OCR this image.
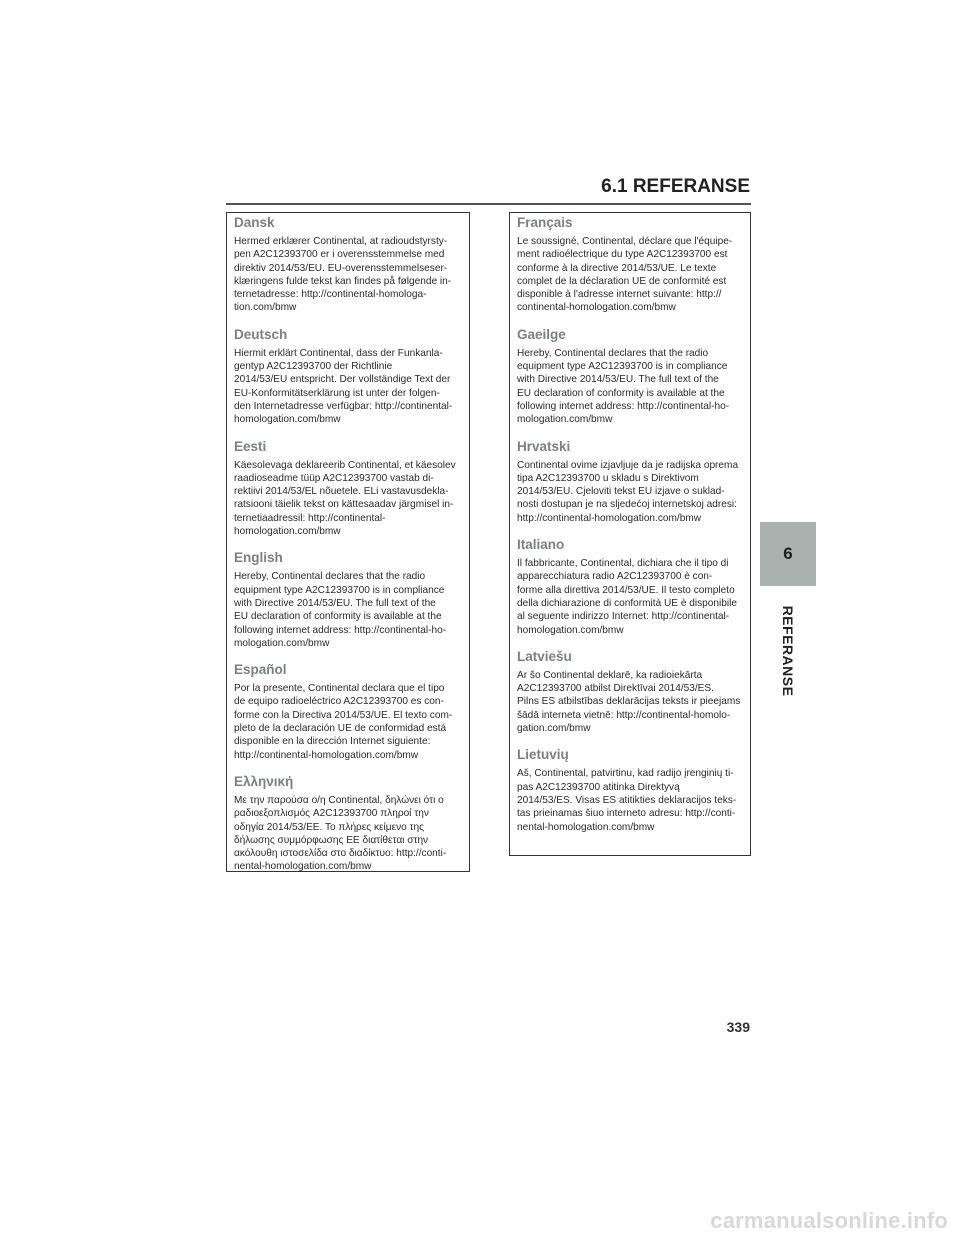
6.1 REFERANSE
Dansk
Hermed erklærer Continental, at radioudstyrsty-
pen A2C12393700 er i overensstemmelse med
direktiv 2014/53/EU. EU-overensstemmelseser-
klæringens fulde tekst kan findes på følgende in-
ternetadresse: http://continental-homologa-
tion.com/bmw
Deutsch
Hiermit erklärt Continental, dass der Funkanla-
gentyp A2C12393700 der Richtlinie
2014/53/EU entspricht. Der vollständige Text der
EU-Konformitätserklärung ist unter der folgen-
den Internetadresse verfügbar: http://continental-
homologation.com/bmw
Eesti
Käesolevaga deklareerib Continental, et käesolev
raadioseadme tüüp A2C12393700 vastab di-
rektiivi 2014/53/EL nõuetele. ELi vastavusdekla-
ratsiooni täielik tekst on kättesaadav järgmisel in-
ternetiaadressil: http://continental-
homologation.com/bmw
English
Hereby, Continental declares that the radio
equipment type A2C12393700 is in compliance
with Directive 2014/53/EU. The full text of the
EU declaration of conformity is available at the
following internet address: http://continental-ho-
mologation.com/bmw
Español
Por la presente, Continental declara que el tipo
de equipo radioeléctrico A2C12393700 es con-
forme con la Directiva 2014/53/UE. El texto com-
pleto de la declaración UE de conformidad está
disponible en la dirección Internet siguiente:
http://continental-homologation.com/bmw
Ελληνική
Με την παρούσα ο/η Continental, δηλώνει ότι ο
ραδιοεξοπλισμός A2C12393700 πληροί την
οδηγία 2014/53/ΕΕ. Το πλήρες κείμενο της
δήλωσης συμμόρφωσης ΕΕ διατίθεται στην
ακόλουθη ιστοσελίδα στο διαδίκτυο: http://conti-
nental-homologation.com/bmw
Français
Le soussigné, Continental, déclare que l'équipe-
ment radioélectrique du type A2C12393700 est
conforme à la directive 2014/53/UE. Le texte
complet de la déclaration UE de conformité est
disponible à l'adresse internet suivante: http://
continental-homologation.com/bmw
Gaeilge
Hereby, Continental declares that the radio
equipment type A2C12393700 is in compliance
with Directive 2014/53/EU. The full text of the
EU declaration of conformity is available at the
following internet address: http://continental-ho-
mologation.com/bmw
Hrvatski
Continental ovime izjavljuje da je radijska oprema
tipa A2C12393700 u skladu s Direktivom
2014/53/EU. Cjeloviti tekst EU izjave o suklad-
nosti dostupan je na sljedećoj internetskoj adresi:
http://continental-homologation.com/bmw
Italiano
Il fabbricante, Continental, dichiara che il tipo di
apparecchiatura radio A2C12393700 è con-
forme alla direttiva 2014/53/UE. Il testo completo
della dichiarazione di conformità UE è disponibile
al seguente indirizzo Internet: http://continental-
homologation.com/bmw
Latviešu
Ar šo Continental deklarē, ka radioiekārta
A2C12393700 atbilst Direktīvai 2014/53/ES.
Pilns ES atbilstības deklarācijas teksts ir pieejams
šādā interneta vietnē: http://continental-homolo-
gation.com/bmw
Lietuvių
Aš, Continental, patvirtinu, kad radijo įrenginių ti-
pas A2C12393700 atitinka Direktyvą
2014/53/ES. Visas ES atitikties deklaracijos teks-
tas prieinamas šiuo interneto adresu: http://conti-
nental-homologation.com/bmw
6
REFERANSE
339
carmanualsonline.info
